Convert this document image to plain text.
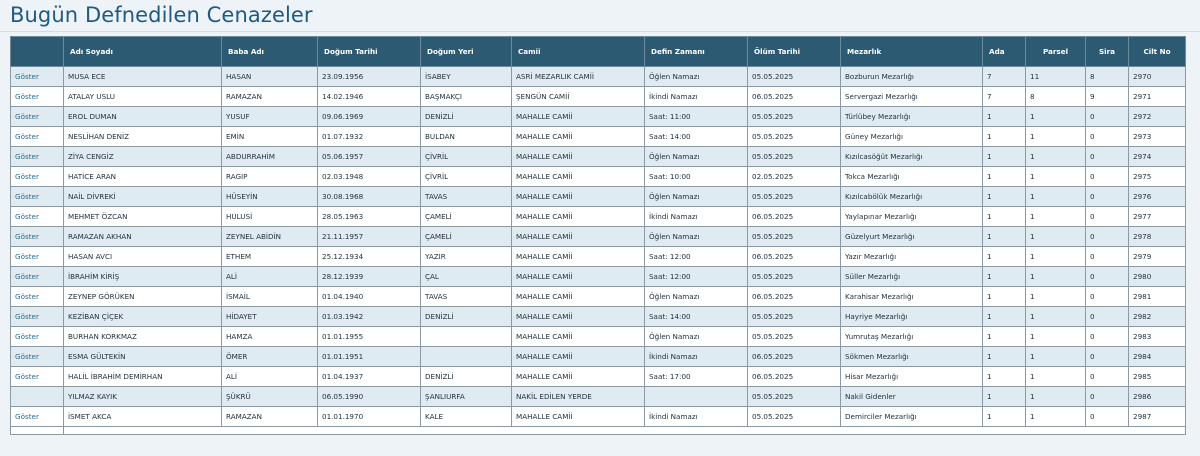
Bugün Defnedilen Cenazeler
	Adı Soyadı	Baba Adı	Doğum Tarihi	Doğum Yeri	Camii	Defin Zamanı	Ölüm Tarihi	Mezarlık	Ada	Parsel	Sira	Cilt No
Göster	MUSA ECE	HASAN	23.09.1956	İSABEY	ASRİ MEZARLIK CAMİİ	Öğlen Namazı	05.05.2025	Bozburun Mezarlığı	7	11	8	2970
Göster	ATALAY USLU	RAMAZAN	14.02.1946	BAŞMAKÇI	ŞENGÜN CAMİİ	İkindi Namazı	06.05.2025	Servergazi Mezarlığı	7	8	9	2971
Göster	EROL DUMAN	YUSUF	09.06.1969	DENİZLİ	MAHALLE CAMİİ	Saat: 11:00	05.05.2025	Türlübey Mezarlığı	1	1	0	2972
Göster	NESLİHAN DENİZ	EMİN	01.07.1932	BULDAN	MAHALLE CAMİİ	Saat: 14:00	05.05.2025	Güney Mezarlığı	1	1	0	2973
Göster	ZİYA CENGİZ	ABDURRAHİM	05.06.1957	ÇİVRİL	MAHALLE CAMİİ	Öğlen Namazı	05.05.2025	Kızılcasöğüt Mezarlığı	1	1	0	2974
Göster	HATİCE ARAN	RAGIP	02.03.1948	ÇİVRİL	MAHALLE CAMİİ	Saat: 10:00	02.05.2025	Tokca Mezarlığı	1	1	0	2975
Göster	NAİL DİVREKİ	HÜSEYİN	30.08.1968	TAVAS	MAHALLE CAMİİ	Öğlen Namazı	05.05.2025	Kızılcabölük Mezarlığı	1	1	0	2976
Göster	MEHMET ÖZCAN	HULUSİ	28.05.1963	ÇAMELİ	MAHALLE CAMİİ	İkindi Namazı	06.05.2025	Yaylapınar Mezarlığı	1	1	0	2977
Göster	RAMAZAN AKHAN	ZEYNEL ABİDİN	21.11.1957	ÇAMELİ	MAHALLE CAMİİ	Öğlen Namazı	05.05.2025	Güzelyurt Mezarlığı	1	1	0	2978
Göster	HASAN AVCI	ETHEM	25.12.1934	YAZIR	MAHALLE CAMİİ	Saat: 12:00	06.05.2025	Yazır Mezarlığı	1	1	0	2979
Göster	İBRAHİM KİRİŞ	ALİ	28.12.1939	ÇAL	MAHALLE CAMİİ	Saat: 12:00	05.05.2025	Süller Mezarlığı	1	1	0	2980
Göster	ZEYNEP GÖRÜKEN	İSMAİL	01.04.1940	TAVAS	MAHALLE CAMİİ	Öğlen Namazı	06.05.2025	Karahisar Mezarlığı	1	1	0	2981
Göster	KEZİBAN ÇİÇEK	HİDAYET	01.03.1942	DENİZLİ	MAHALLE CAMİİ	Saat: 14:00	05.05.2025	Hayriye Mezarlığı	1	1	0	2982
Göster	BURHAN KORKMAZ	HAMZA	01.01.1955		MAHALLE CAMİİ	Öğlen Namazı	05.05.2025	Yumrutaş Mezarlığı	1	1	0	2983
Göster	ESMA GÜLTEKİN	ÖMER	01.01.1951		MAHALLE CAMİİ	İkindi Namazı	06.05.2025	Sökmen Mezarlığı	1	1	0	2984
Göster	HALİL İBRAHİM DEMİRHAN	ALİ	01.04.1937	DENİZLİ	MAHALLE CAMİİ	Saat: 17:00	06.05.2025	Hisar Mezarlığı	1	1	0	2985
	YILMAZ KAYIK	ŞÜKRÜ	06.05.1990	ŞANLIURFA	NAKİL EDİLEN YERDE		05.05.2025	Nakil Gidenler	1	1	0	2986
Göster	İSMET AKCA	RAMAZAN	01.01.1970	KALE	MAHALLE CAMİİ	İkindi Namazı	05.05.2025	Demirciler Mezarlığı	1	1	0	2987
